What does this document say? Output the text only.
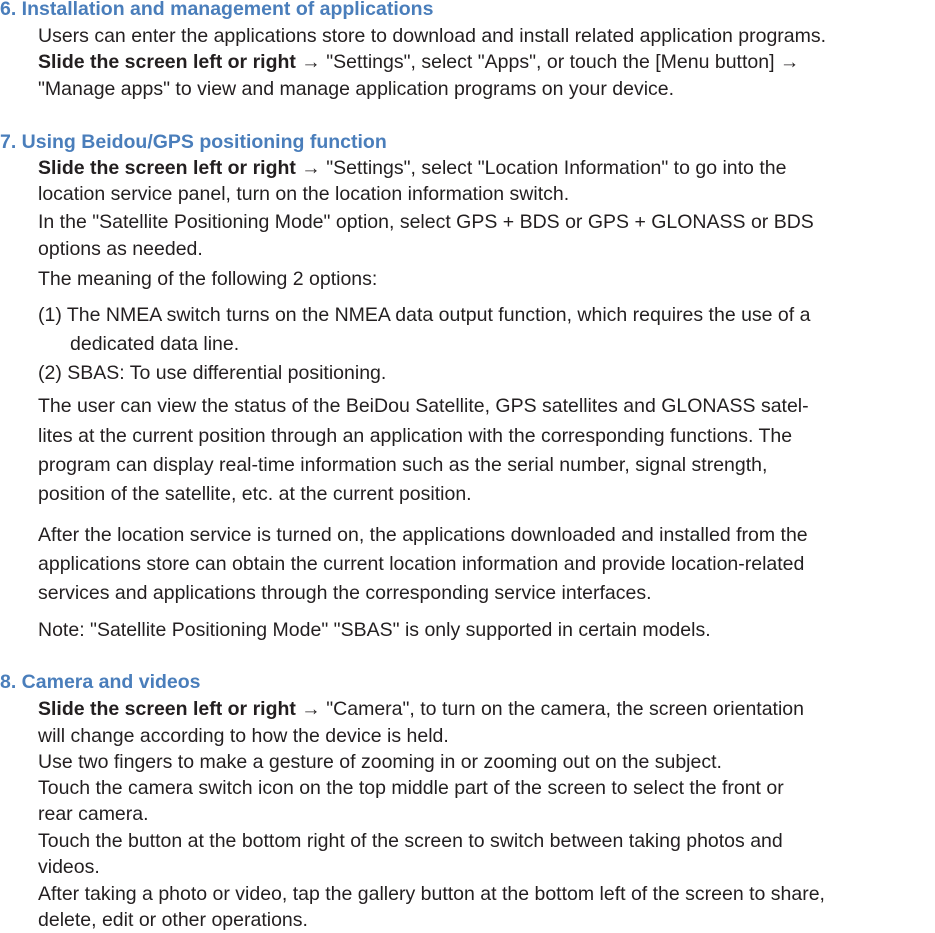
6. Installation and management of applications
Users can enter the applications store to download and install related application programs.
Slide the screen left or right → "Settings", select "Apps", or touch the [Menu button] →
"Manage apps" to view and manage application programs on your device.
7. Using Beidou/GPS positioning function
Slide the screen left or right → "Settings", select "Location Information" to go into the
location service panel, turn on the location information switch.
In the "Satellite Positioning Mode" option, select GPS + BDS or GPS + GLONASS or BDS
options as needed.
The meaning of the following 2 options:
(1) The NMEA switch turns on the NMEA data output function, which requires the use of a
dedicated data line.
(2) SBAS: To use differential positioning.
The user can view the status of the BeiDou Satellite, GPS satellites and GLONASS satel-
lites at the current position through an application with the corresponding functions. The
program can display real-time information such as the serial number, signal strength,
position of the satellite, etc. at the current position.
After the location service is turned on, the applications downloaded and installed from the
applications store can obtain the current location information and provide location-related
services and applications through the corresponding service interfaces.
Note: "Satellite Positioning Mode" "SBAS" is only supported in certain models.
8. Camera and videos
Slide the screen left or right → "Camera", to turn on the camera, the screen orientation
will change according to how the device is held.
Use two fingers to make a gesture of zooming in or zooming out on the subject.
Touch the camera switch icon on the top middle part of the screen to select the front or
rear camera.
Touch the button at the bottom right of the screen to switch between taking photos and
videos.
After taking a photo or video, tap the gallery button at the bottom left of the screen to share,
delete, edit or other operations.
